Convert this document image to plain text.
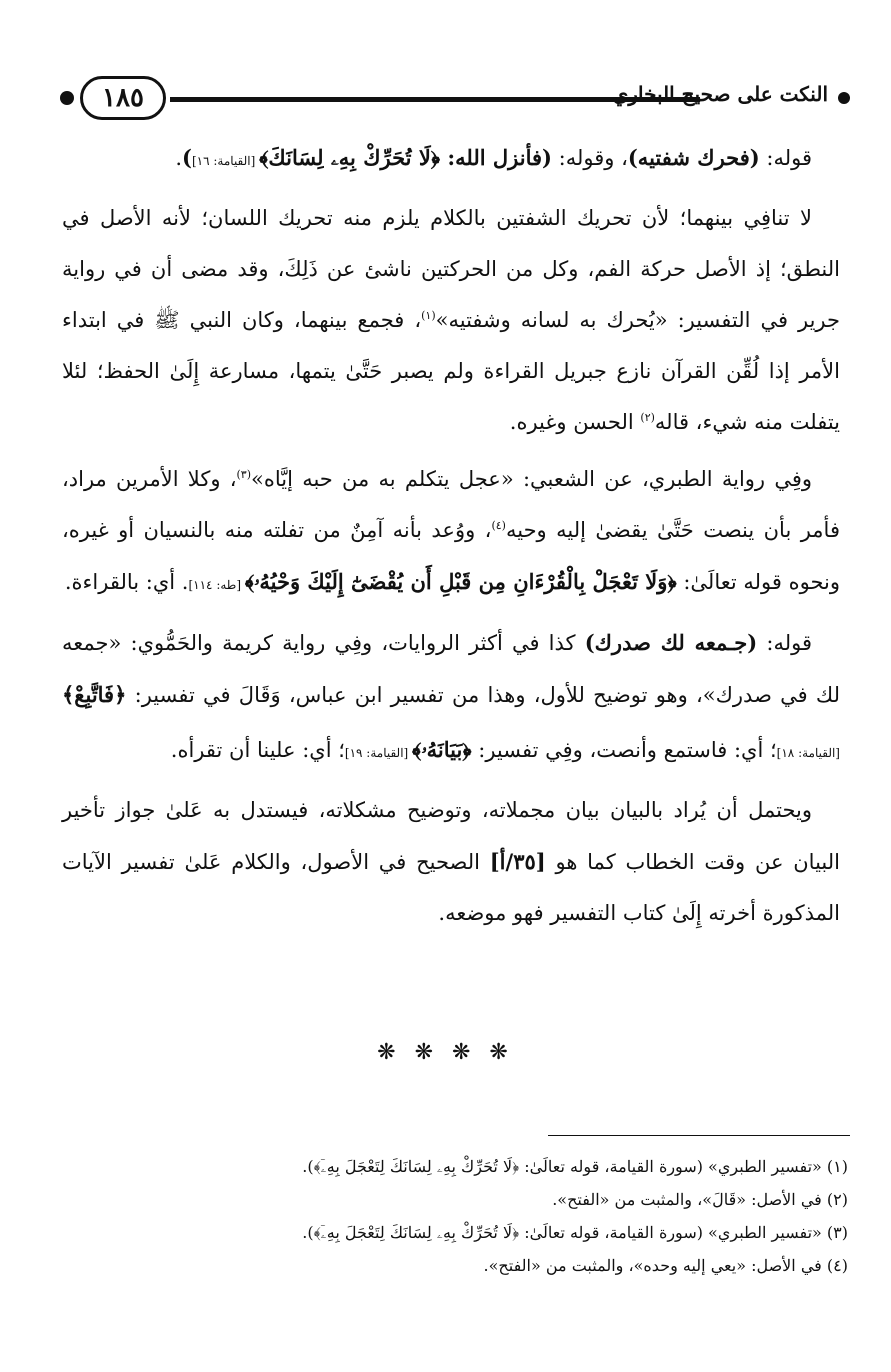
١٨٥	النكت على صحيح البخاري

قوله: (فحرك شفتيه)، وقوله: (فأنزل الله: ﴿لَا تُحَرِّكْ بِهِۦ لِسَانَكَ﴾ [القيامة: ١٦]).

لا تنافِي بينهما؛ لأن تحريك الشفتين بالكلام يلزم منه تحريك اللسان؛ لأنه الأصل في النطق؛ إذ الأصل حركة الفم، وكل من الحركتين ناشئ عن ذَلِكَ، وقد مضى أن في رواية جرير في التفسير: «يُحرك به لسانه وشفتيه»$^{(١)}$، فجمع بينهما، وكان النبي ﷺ في ابتداء الأمر إذا لُقِّن القرآن نازع جبريل القراءة ولم يصبر حَتَّىٰ يتمها، مسارعة إِلَىٰ الحفظ؛ لئلا يتفلت منه شيء، قاله$^{(٢)}$ الحسن وغيره.

وفِي رواية الطبري، عن الشعبي: «عجل يتكلم به من حبه إيَّاه»$^{(٣)}$، وكلا الأمرين مراد، فأمر بأن ينصت حَتَّىٰ يقضىٰ إليه وحيه$^{(٤)}$، ووُعد بأنه آمِنٌ من تفلته منه بالنسيان أو غيره، ونحوه قوله تعالَىٰ: ﴿وَلَا تَعْجَلْ بِالْقُرْءَانِ مِن قَبْلِ أَن يُقْضَىٰٓ إِلَيْكَ وَحْيُهُۥ﴾ [طه: ١١٤]. أي: بالقراءة.

قوله: (جـمعه لك صدرك) كذا في أكثر الروايات، وفِي رواية كريمة والحَمُّوي: «جمعه لك في صدرك»، وهو توضيح للأول، وهذا من تفسير ابن عباس، وَقَالَ في تفسير: ﴿فَاتَّبِعْ﴾ [القيامة: ١٨]؛ أي: فاستمع وأنصت، وفِي تفسير: ﴿بَيَانَهُۥ﴾ [القيامة: ١٩]؛ أي: علينا أن تقرأه.

ويحتمل أن يُراد بالبيان بيان مجملاته، وتوضيح مشكلاته، فيستدل به عَلىٰ جواز تأخير البيان عن وقت الخطاب كما هو [٣٥/أ] الصحيح في الأصول، والكلام عَلىٰ تفسير الآيات المذكورة أخرته إِلَىٰ كتاب التفسير فهو موضعه.

❋ ❋ ❋ ❋
(١) «تفسير الطبري» (سورة القيامة، قوله تعالَىٰ: ﴿لَا تُحَرِّكْ بِهِۦ لِسَانَكَ لِتَعْجَلَ بِهِۦٓ﴾).
(٢) في الأصل: «قَالَ»، والمثبت من «الفتح».
(٣) «تفسير الطبري» (سورة القيامة، قوله تعالَىٰ: ﴿لَا تُحَرِّكْ بِهِۦ لِسَانَكَ لِتَعْجَلَ بِهِۦٓ﴾).
(٤) في الأصل: «يعي إليه وحده»، والمثبت من «الفتح».
